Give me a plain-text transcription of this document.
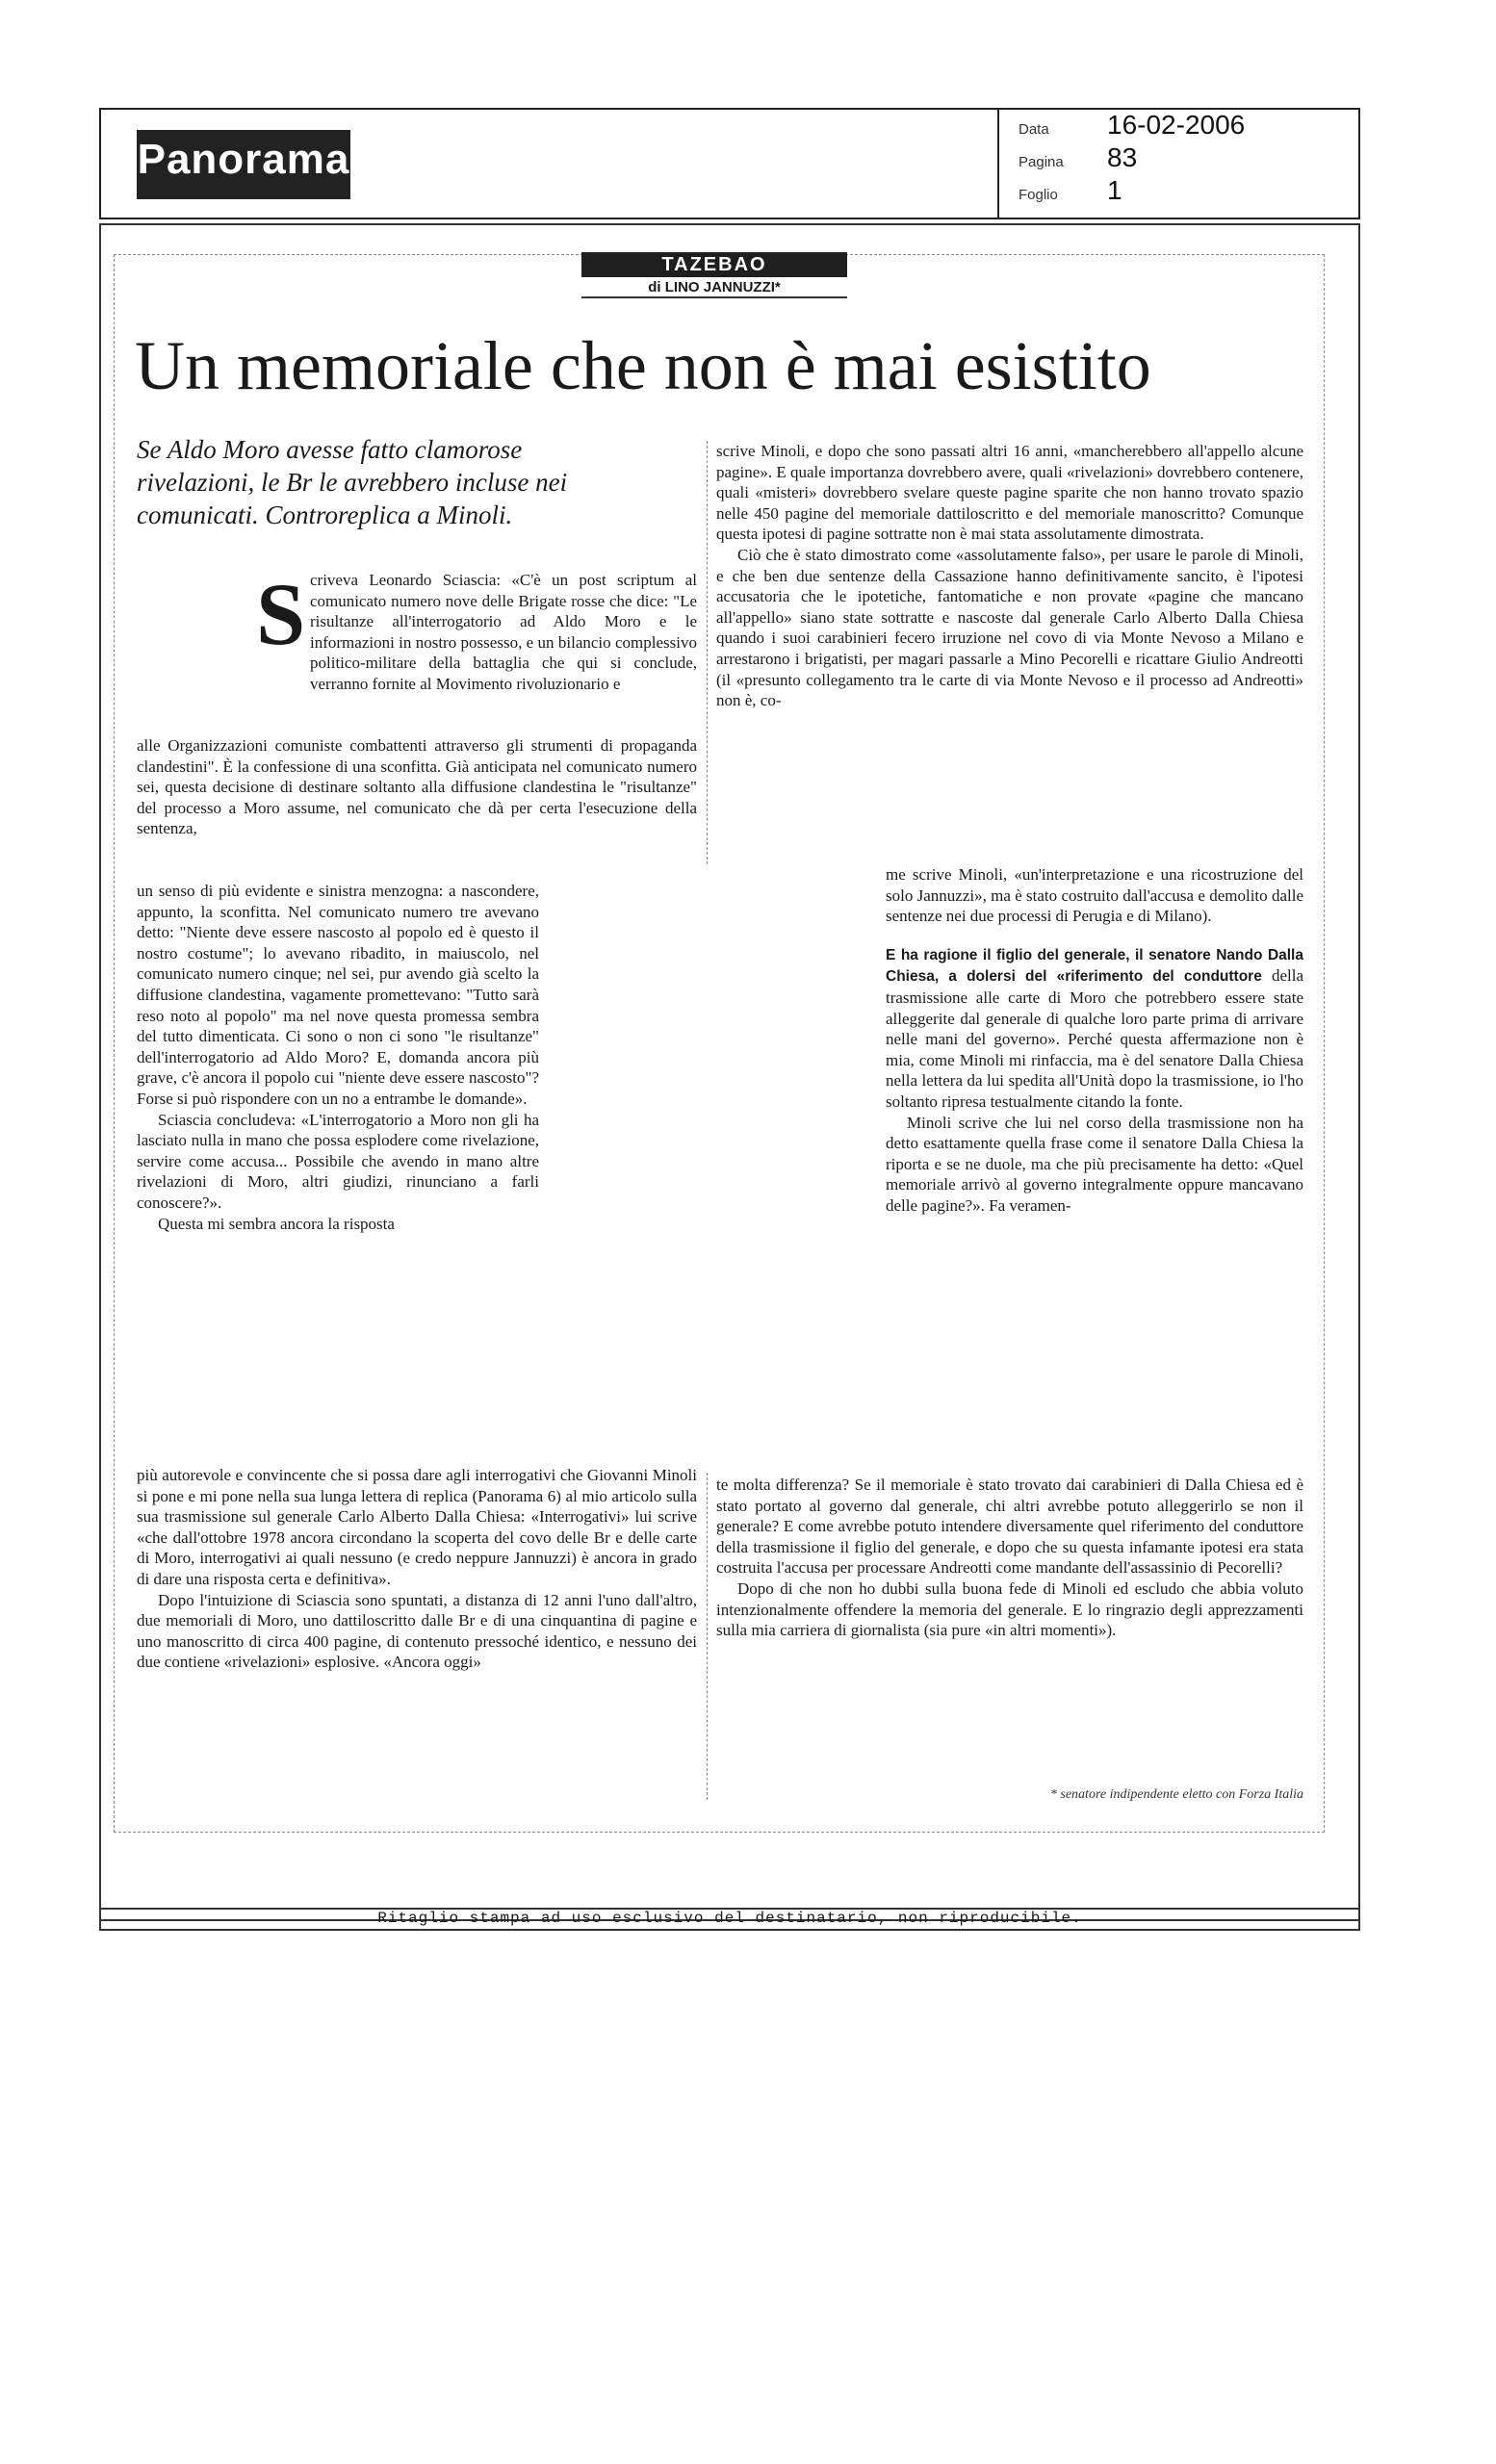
Panorama
Data 16-02-2006
Pagina 83
Foglio 1
TAZEBAO
di LINO JANNUZZI*
Un memoriale che non è mai esistito
Se Aldo Moro avesse fatto clamorose rivelazioni, le Br le avrebbero incluse nei comunicati. Controreplica a Minoli.
S criveva Leonardo Sciascia: «C'è un post scriptum al comunicato numero nove delle Brigate rosse che dice: "Le risultanze all'interrogatorio ad Aldo Moro e le informazioni in nostro possesso, e un bilancio complessivo politico-militare della battaglia che qui si conclude, verranno fornite al Movimento rivoluzionario e

alle Organizzazioni comuniste combattenti attraverso gli strumenti di propaganda clandestini". È la confessione di una sconfitta. Già anticipata nel comunicato numero sei, questa decisione di destinare soltanto alla diffusione clandestina le "risultanze" del processo a Moro assume, nel comunicato che dà per certa l'esecuzione della sentenza,

un senso di più evidente e sinistra menzogna: a nascondere, appunto, la sconfitta. Nel comunicato numero tre avevano detto: "Niente deve essere nascosto al popolo ed è questo il nostro costume"; lo avevano ribadito, in maiuscolo, nel comunicato numero cinque; nel sei, pur avendo già scelto la diffusione clandestina, vagamente promettevano: "Tutto sarà reso noto al popolo" ma nel nove questa promessa sembra del tutto dimenticata. Ci sono o non ci sono "le risultanze" dell'interrogatorio ad Aldo Moro? E, domanda ancora più grave, c'è ancora il popolo cui "niente deve essere nascosto"? Forse si può rispondere con un no a entrambe le domande».

Sciascia concludeva: «L'interrogatorio a Moro non gli ha lasciato nulla in mano che possa esplodere come rivelazione, servire come accusa... Possibile che avendo in mano altre rivelazioni di Moro, altri giudizi, rinunciano a farli conoscere?».

Questa mi sembra ancora la risposta

più autorevole e convincente che si possa dare agli interrogativi che Giovanni Minoli si pone e mi pone nella sua lunga lettera di replica (Panorama 6) al mio articolo sulla sua trasmissione sul generale Carlo Alberto Dalla Chiesa: «Interrogativi» lui scrive «che dall'ottobre 1978 ancora circondano la scoperta del covo delle Br e delle carte di Moro, interrogativi ai quali nessuno (e credo neppure Jannuzzi) è ancora in grado di dare una risposta certa e definitiva».

Dopo l'intuizione di Sciascia sono spuntati, a distanza di 12 anni l'uno dall'altro, due memoriali di Moro, uno dattiloscritto dalle Br e di una cinquantina di pagine e uno manoscritto di circa 400 pagine, di contenuto pressoché identico, e nessuno dei due contiene «rivelazioni» esplosive. «Ancora oggi»

scrive Minoli, e dopo che sono passati altri 16 anni, «mancherebbero all'appello alcune pagine». E quale importanza dovrebbero avere, quali «rivelazioni» dovrebbero contenere, quali «misteri» dovrebbero svelare queste pagine sparite che non hanno trovato spazio nelle 450 pagine del memoriale dattiloscritto e del memoriale manoscritto? Comunque questa ipotesi di pagine sottratte non è mai stata assolutamente dimostrata.

Ciò che è stato dimostrato come «assolutamente falso», per usare le parole di Minoli, e che ben due sentenze della Cassazione hanno definitivamente sancito, è l'ipotesi accusatoria che le ipotetiche, fantomatiche e non provate «pagine che mancano all'appello» siano state sottratte e nascoste dal generale Carlo Alberto Dalla Chiesa quando i suoi carabinieri fecero irruzione nel covo di via Monte Nevoso a Milano e arrestarono i brigatisti, per magari passarle a Mino Pecorelli e ricattare Giulio Andreotti (il «presunto collegamento tra le carte di via Monte Nevoso e il processo ad Andreotti» non è, co-

me scrive Minoli, «un'interpretazione e una ricostruzione del solo Jannuzzi», ma è stato costruito dall'accusa e demolito dalle sentenze nei due processi di Perugia e di Milano).

E ha ragione il figlio del generale, il senatore Nando Dalla Chiesa, a dolersi del «riferimento del conduttore della trasmissione alle carte di Moro che potrebbero essere state alleggerite dal generale di qualche loro parte prima di arrivare nelle mani del governo». Perché questa affermazione non è mia, come Minoli mi rinfaccia, ma è del senatore Dalla Chiesa nella lettera da lui spedita all'Unità dopo la trasmissione, io l'ho soltanto ripresa testualmente citando la fonte.

Minoli scrive che lui nel corso della trasmissione non ha detto esattamente quella frase come il senatore Dalla Chiesa la riporta e se ne duole, ma che più precisamente ha detto: «Quel memoriale arrivò al governo integralmente oppure mancavano delle pagine?». Fa veramen-

te molta differenza? Se il memoriale è stato trovato dai carabinieri di Dalla Chiesa ed è stato portato al governo dal generale, chi altri avrebbe potuto alleggerirlo se non il generale? E come avrebbe potuto intendere diversamente quel riferimento del conduttore della trasmissione il figlio del generale, e dopo che su questa infamante ipotesi era stata costruita l'accusa per processare Andreotti come mandante dell'assassinio di Pecorelli?

Dopo di che non ho dubbi sulla buona fede di Minoli ed escludo che abbia voluto intenzionalmente offendere la memoria del generale. E lo ringrazio degli apprezzamenti sulla mia carriera di giornalista (sia pure «in altri momenti»).

* senatore indipendente eletto con Forza Italia
Ritaglio stampa ad uso esclusivo del destinatario, non riproducibile.
